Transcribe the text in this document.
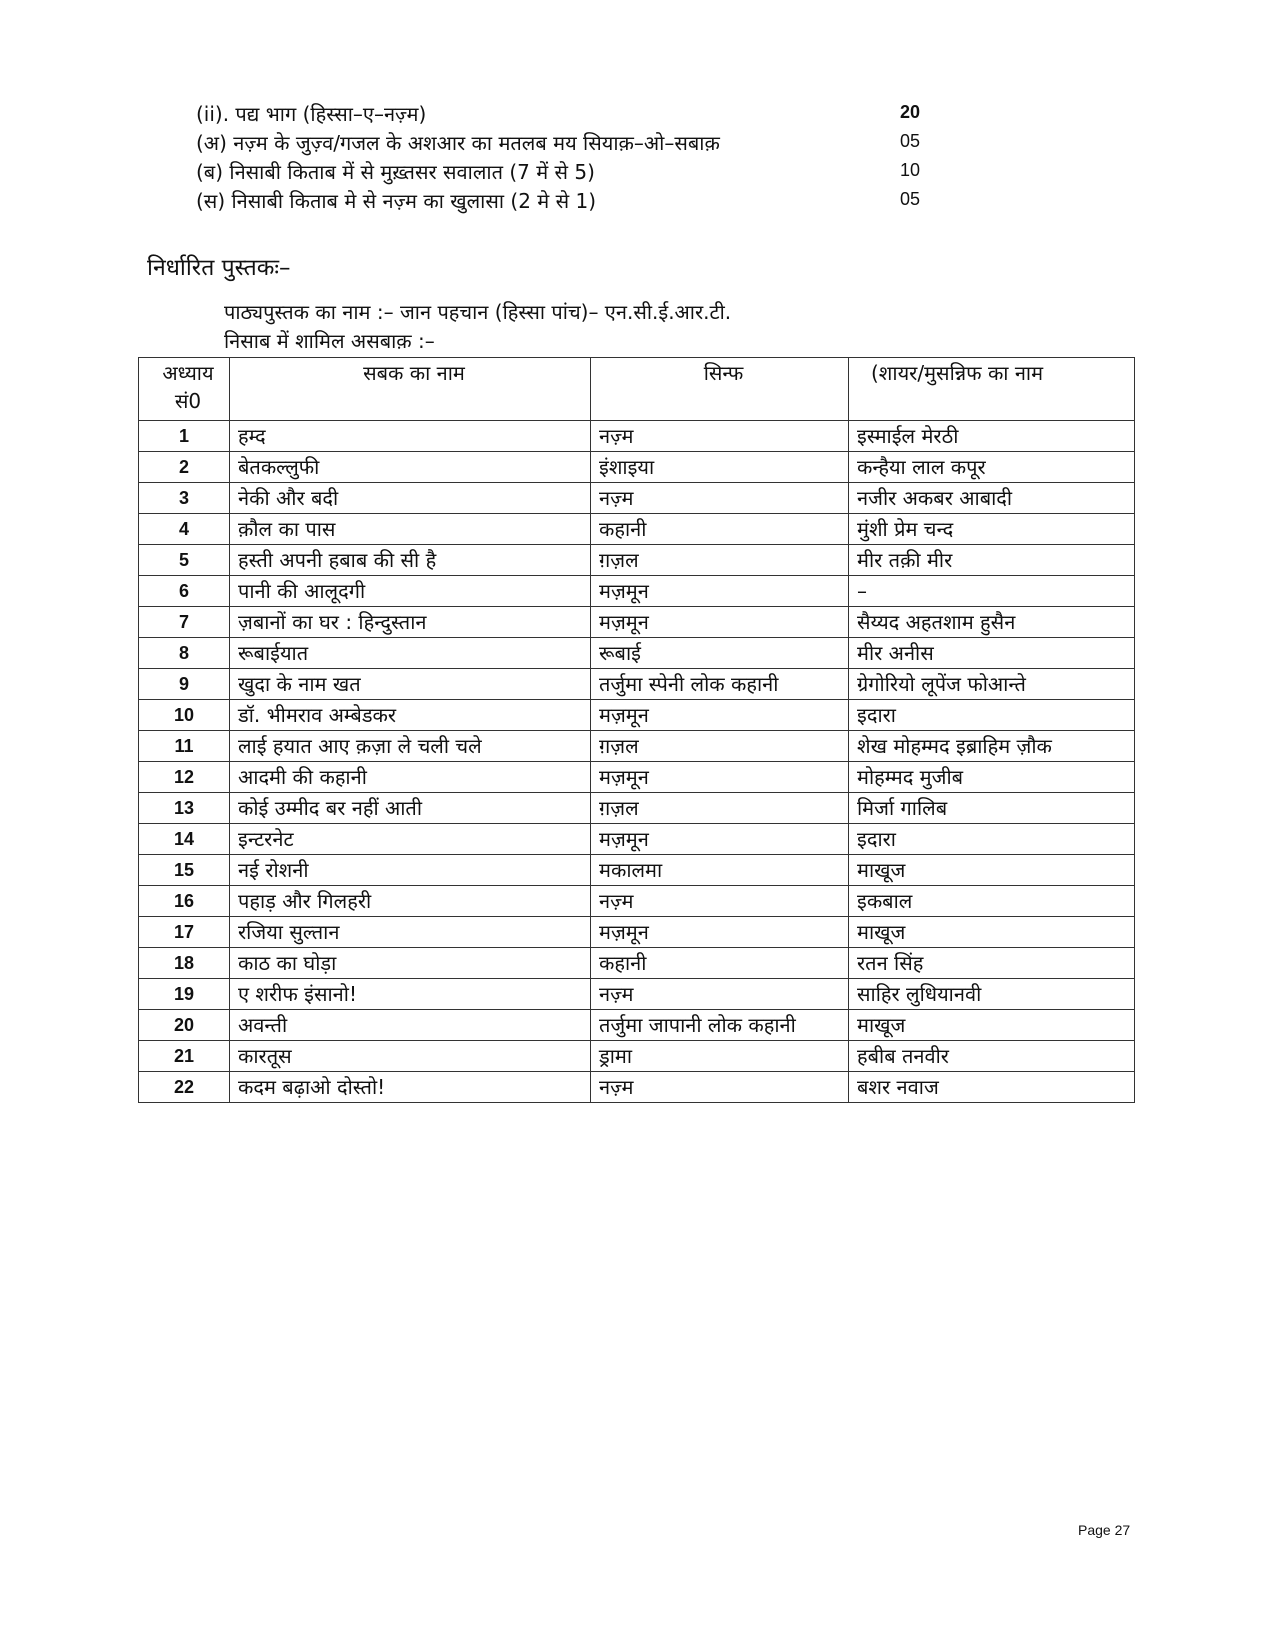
(ii). पद्य भाग (हिस्सा–ए–नज़्म)	20
(अ) नज़्म के जुज़्व/गजल के अशआर का मतलब मय सियाक़–ओ–सबाक़	05
(ब) निसाबी किताब में से मुख़्तसर सवालात (7 में से 5)	10
(स) निसाबी किताब मे से नज़्म का खुलासा (2 मे से 1)	05
निर्धारित पुस्तकः–
पाठ्यपुस्तक का नाम :– जान पहचान (हिस्सा पांच)– एन.सी.ई.आर.टी.
निसाब में शामिल असबाक़ :–
अध्याय
सं0	सबक का नाम	सिन्फ	(शायर/मुसन्निफ का नाम
1	हम्द	नज़्म	इस्माईल मेरठी
2	बेतकल्लुफी	इंशाइया	कन्हैया लाल कपूर
3	नेकी और बदी	नज़्म	नजीर अकबर आबादी
4	क़ौल का पास	कहानी	मुंशी प्रेम चन्द
5	हस्ती अपनी हबाब की सी है	ग़ज़ल	मीर तक़ी मीर
6	पानी की आलूदगी	मज़मून	–
7	ज़बानों का घर : हिन्दुस्तान	मज़मून	सैय्यद अहतशाम हुसैन
8	रूबाईयात	रूबाई	मीर अनीस
9	खुदा के नाम खत	तर्जुमा स्पेनी लोक कहानी	ग्रेगोरियो लूपेंज फोआन्ते
10	डॉ. भीमराव अम्बेडकर	मज़मून	इदारा
11	लाई हयात आए क़ज़ा ले चली चले	ग़ज़ल	शेख मोहम्मद इब्राहिम ज़ौक
12	आदमी की कहानी	मज़मून	मोहम्मद मुजीब
13	कोई उम्मीद बर नहीं आती	ग़ज़ल	मिर्जा गालिब
14	इन्टरनेट	मज़मून	इदारा
15	नई रोशनी	मकालमा	माखूज
16	पहाड़ और गिलहरी	नज़्म	इकबाल
17	रजिया सुल्तान	मज़मून	माखूज
18	काठ का घोड़ा	कहानी	रतन सिंह
19	ए शरीफ इंसानो!	नज़्म	साहिर लुधियानवी
20	अवन्ती	तर्जुमा जापानी लोक कहानी	माखूज
21	कारतूस	ड्रामा	हबीब तनवीर
22	कदम बढ़ाओ दोस्तो!	नज़्म	बशर नवाज
Page 27
